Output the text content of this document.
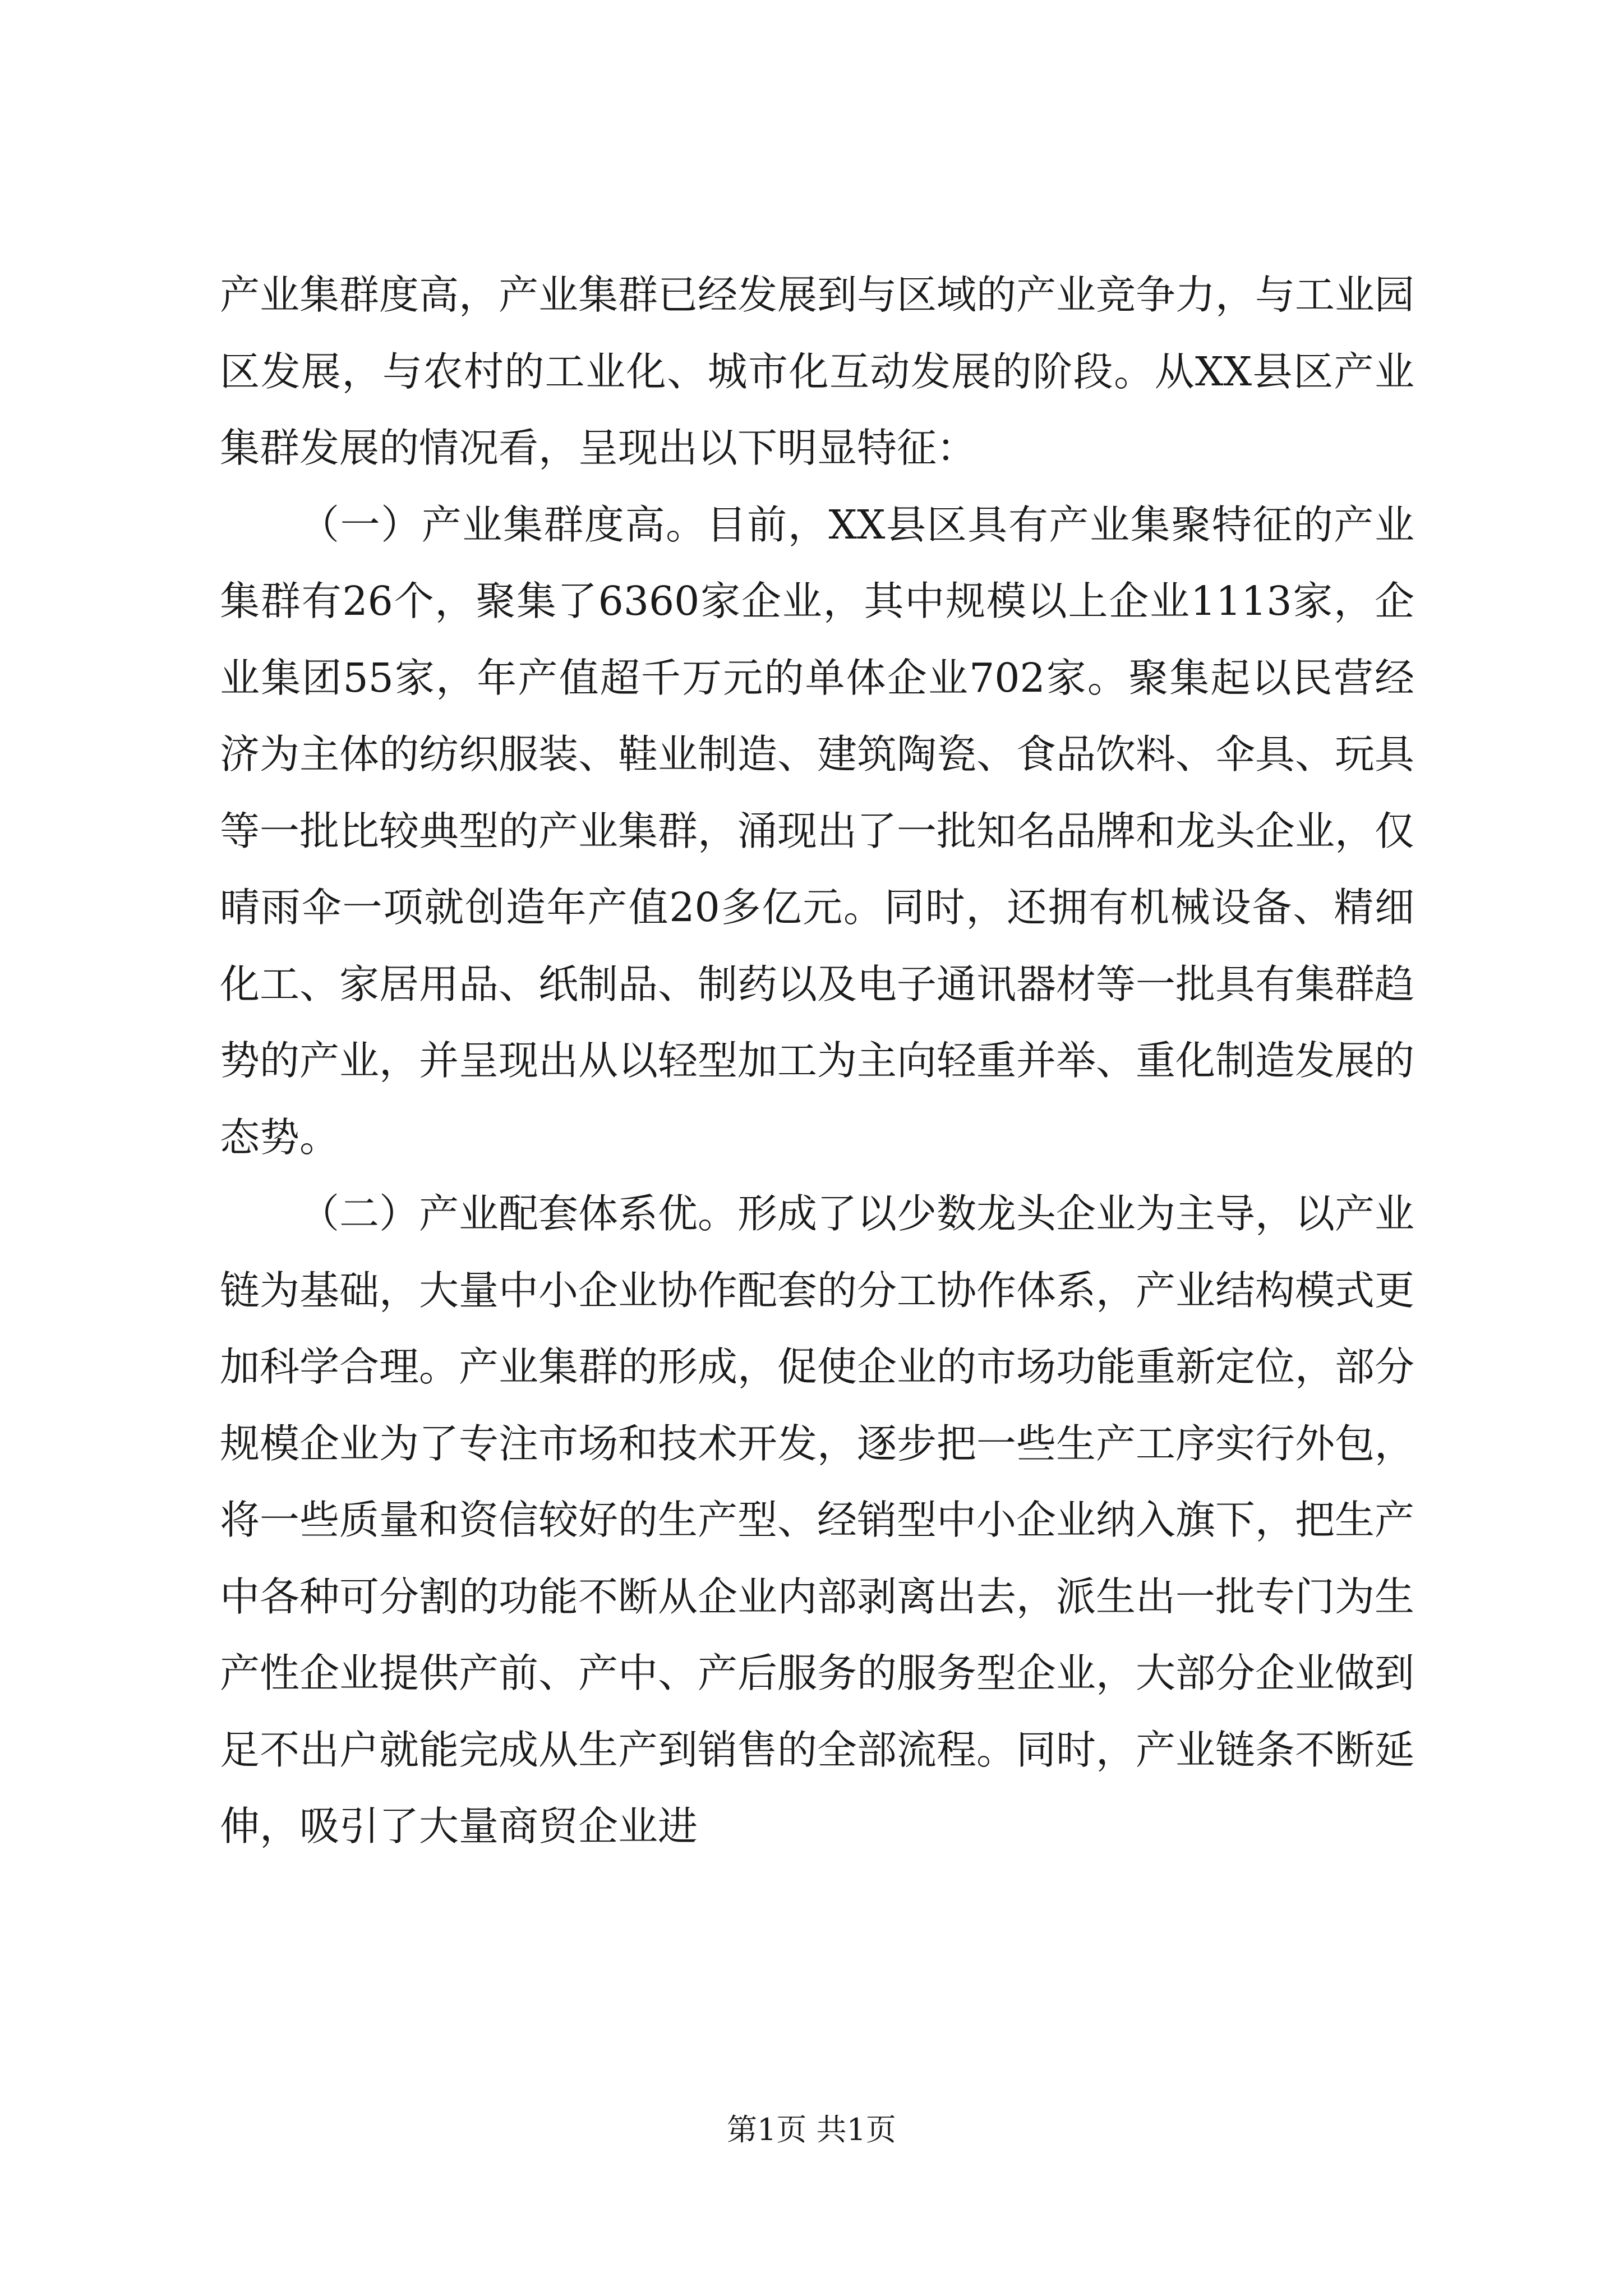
产业集群度高，产业集群已经发展到与区域的产业竞争力，与工业园区发展，与农村的工业化、城市化互动发展的阶段。从XX县区产业集群发展的情况看，呈现出以下明显特征：

（一）产业集群度高。目前，XX县区具有产业集聚特征的产业集群有26个，聚集了6360家企业，其中规模以上企业1113家，企业集团55家，年产值超千万元的单体企业702家。聚集起以民营经济为主体的纺织服装、鞋业制造、建筑陶瓷、食品饮料、伞具、玩具等一批比较典型的产业集群，涌现出了一批知名品牌和龙头企业，仅晴雨伞一项就创造年产值20多亿元。同时，还拥有机械设备、精细化工、家居用品、纸制品、制药以及电子通讯器材等一批具有集群趋势的产业，并呈现出从以轻型加工为主向轻重并举、重化制造发展的态势。

（二）产业配套体系优。形成了以少数龙头企业为主导，以产业链为基础，大量中小企业协作配套的分工协作体系，产业结构模式更加科学合理。产业集群的形成，促使企业的市场功能重新定位，部分规模企业为了专注市场和技术开发，逐步把一些生产工序实行外包，将一些质量和资信较好的生产型、经销型中小企业纳入旗下，把生产中各种可分割的功能不断从企业内部剥离出去，派生出一批专门为生产性企业提供产前、产中、产后服务的服务型企业，大部分企业做到足不出户就能完成从生产到销售的全部流程。同时，产业链条不断延伸，吸引了大量商贸企业进

第1页 共1页
